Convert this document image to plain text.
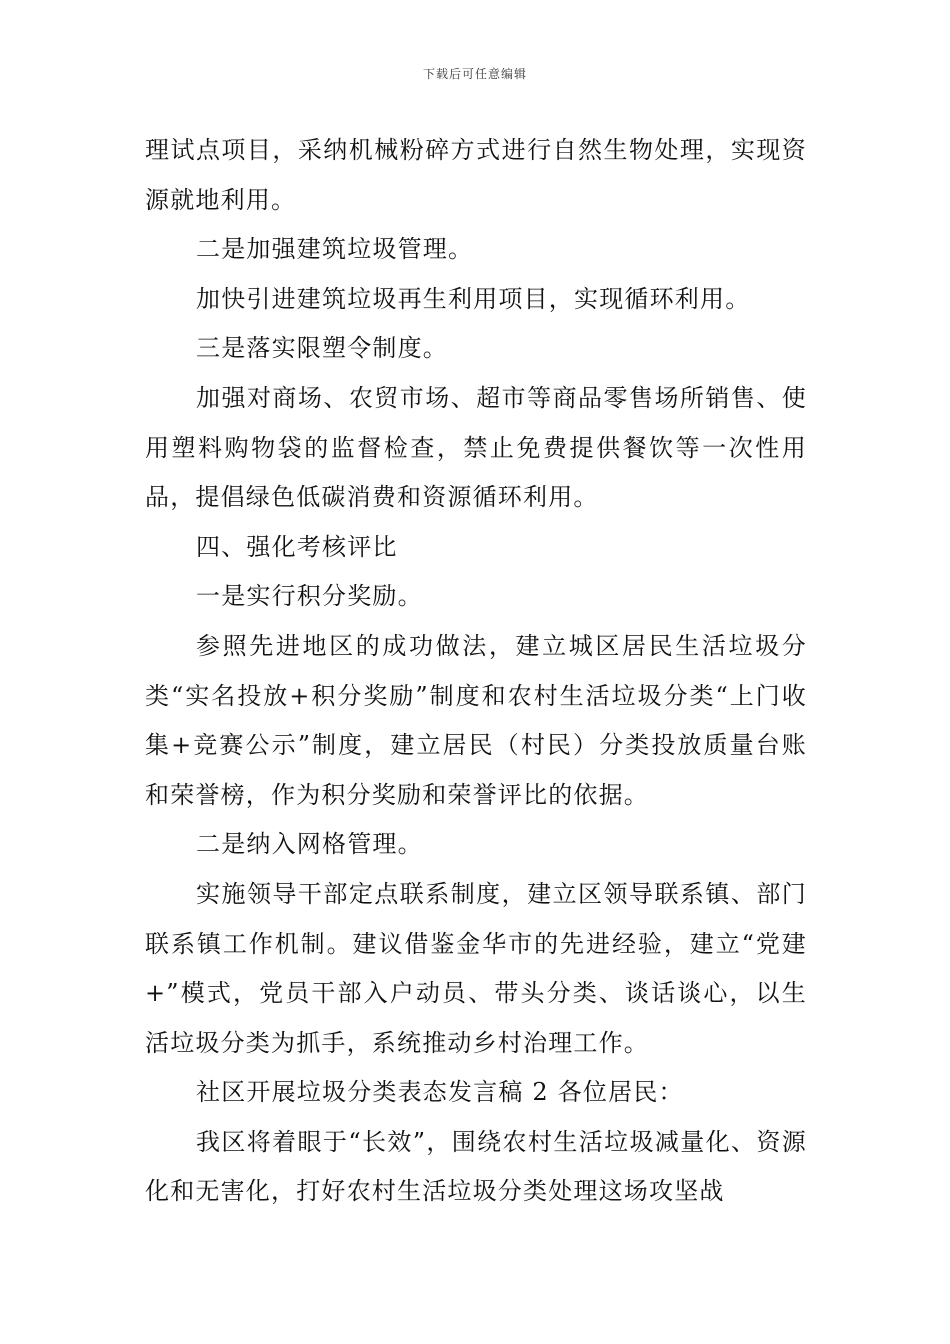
下载后可任意编辑

理试点项目，采纳机械粉碎方式进行自然生物处理，实现资源就地利用。

二是加强建筑垃圾管理。

加快引进建筑垃圾再生利用项目，实现循环利用。

三是落实限塑令制度。

加强对商场、农贸市场、超市等商品零售场所销售、使用塑料购物袋的监督检查，禁止免费提供餐饮等一次性用品，提倡绿色低碳消费和资源循环利用。

四、强化考核评比

一是实行积分奖励。

参照先进地区的成功做法，建立城区居民生活垃圾分类“实名投放+积分奖励”制度和农村生活垃圾分类“上门收集+竞赛公示”制度，建立居民（村民）分类投放质量台账和荣誉榜，作为积分奖励和荣誉评比的依据。

二是纳入网格管理。

实施领导干部定点联系制度，建立区领导联系镇、部门联系镇工作机制。建议借鉴金华市的先进经验，建立“党建+”模式，党员干部入户动员、带头分类、谈话谈心，以生活垃圾分类为抓手，系统推动乡村治理工作。

社区开展垃圾分类表态发言稿 2 各位居民：

我区将着眼于“长效”，围绕农村生活垃圾减量化、资源化和无害化，打好农村生活垃圾分类处理这场攻坚战
